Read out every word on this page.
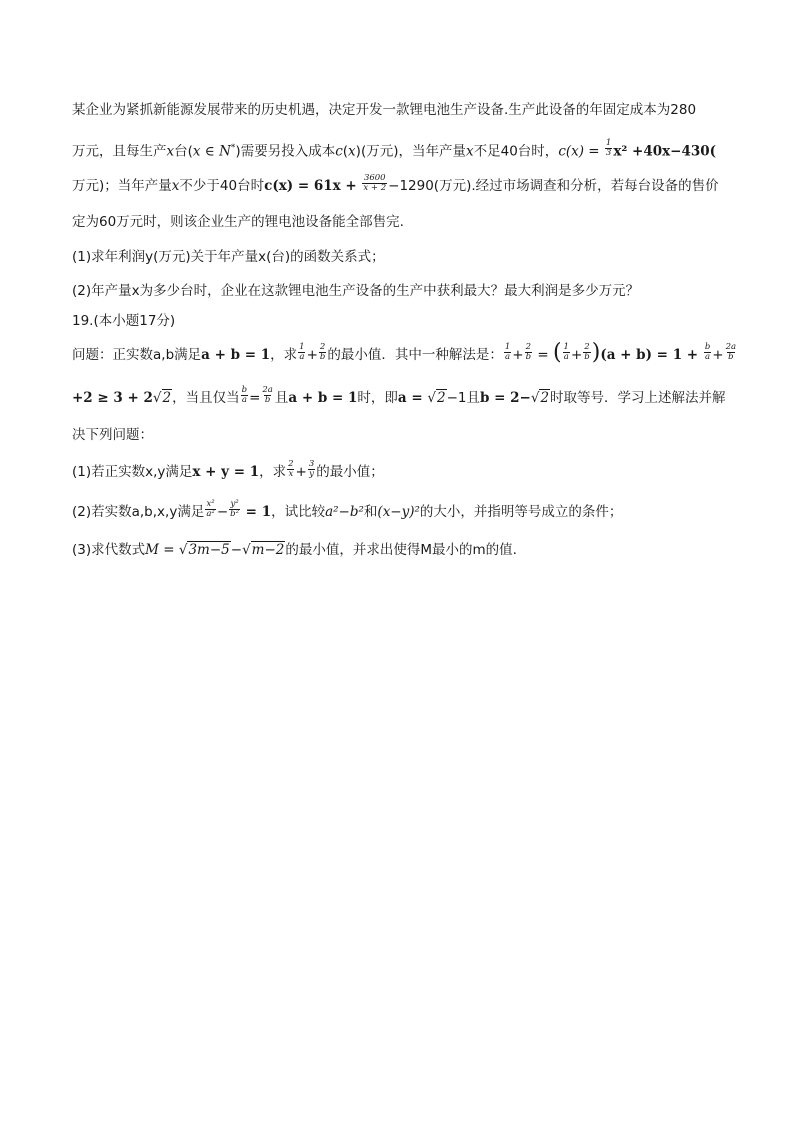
某企业为紧抓新能源发展带来的历史机遇，决定开发一款锂电池生产设备.生产此设备的年固定成本为280
万元，且每生产x台(x ∈ N*)需要另投入成本c(x)(万元)，当年产量x不足40台时，$c(x) = \frac{1}{3} x^2 +40x-430$(
万元)；当年产量x不少于40台时$c(x) = 61x + \frac{3600}{x + 2} -1290$(万元).经过市场调查和分析，若每台设备的售价
定为60万元时，则该企业生产的锂电池设备能全部售完.
(1)求年利润y(万元)关于年产量x(台)的函数关系式；
(2)年产量x为多少台时，企业在这款锂电池生产设备的生产中获利最大？最大利润是多少万元？
19.(本小题17分)
问题：正实数a,b满足a + b = 1，求 $\frac{1}{a} + \frac{2}{b}$ 的最小值．其中一种解法是： $\frac{1}{a} + \frac{2}{b}$ = ( $\frac{1}{a} + \frac{2}{b} )(a + b) = 1 + \frac{b}{a} + \frac{2a}{b}$
+2 ≥ 3 + 2√2，当且仅当 $\frac{b}{a} = \frac{2a}{b}$ 且a + b = 1时，即a = √2−1且b = 2−√2时取等号．学习上述解法并解
决下列问题：
(1)若正实数x,y满足x + y = 1，求 $\frac{2}{x} + \frac{3}{y}$ 的最小值；
(2)若实数a,b,x,y满足 $\frac{\text{x²}}{\text{a²}} - \frac{\text{y²}}{\text{b²}} = 1$，试比较a²−b²和(x−y)²的大小，并指明等号成立的条件；
(3)求代数式M = √3m−5−√m−2的最小值，并求出使得M最小的m的值.
